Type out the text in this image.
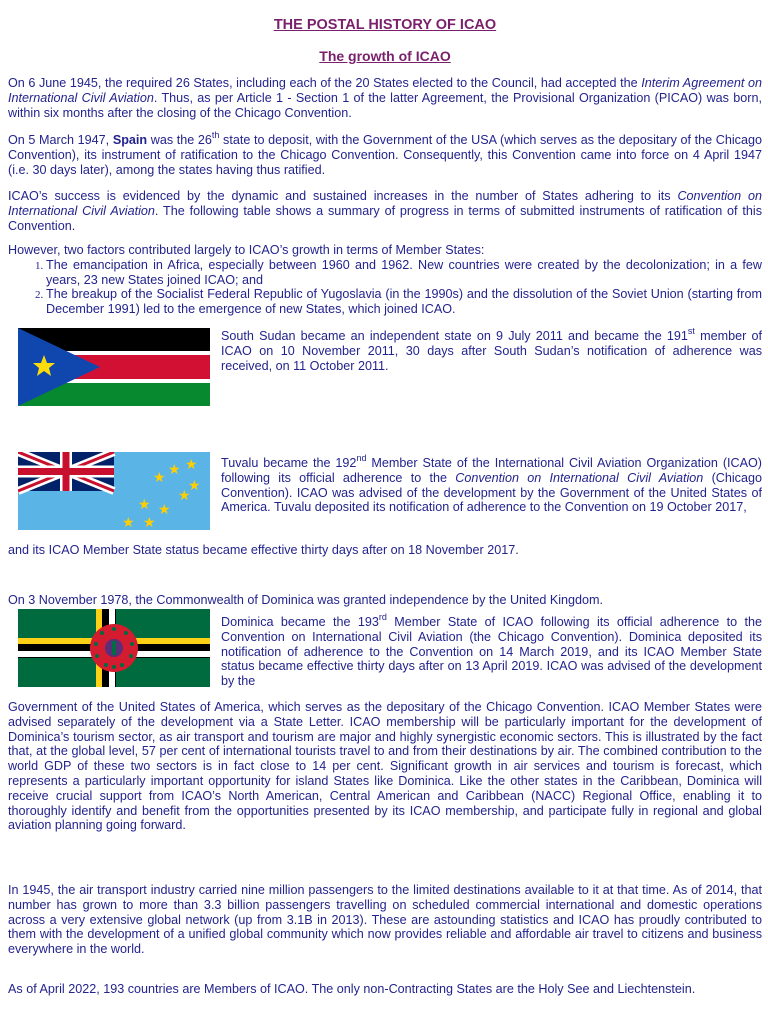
THE POSTAL HISTORY OF ICAO
The growth of ICAO

On 6 June 1945, the required 26 States, including each of the 20 States elected to the Council, had accepted the Interim Agreement on International Civil Aviation. Thus, as per Article 1 - Section 1 of the latter Agreement, the Provisional Organization (PICAO) was born, within six months after the closing of the Chicago Convention.

On 5 March 1947, Spain was the 26th state to deposit, with the Government of the USA (which serves as the depositary of the Chicago Convention), its instrument of ratification to the Chicago Convention. Consequently, this Convention came into force on 4 April 1947 (i.e. 30 days later), among the states having thus ratified.

ICAO’s success is evidenced by the dynamic and sustained increases in the number of States adhering to its Convention on International Civil Aviation. The following table shows a summary of progress in terms of submitted instruments of ratification of this Convention.

However, two factors contributed largely to ICAO’s growth in terms of Member States:

1. The emancipation in Africa, especially between 1960 and 1962. New countries were created by the decolonization; in a few years, 23 new States joined ICAO; and
2. The breakup of the Socialist Federal Republic of Yugoslavia (in the 1990s) and the dissolution of the Soviet Union (starting from December 1991) led to the emergence of new States, which joined ICAO.

South Sudan became an independent state on 9 July 2011 and became the 191st member of ICAO on 10 November 2011, 30 days after South Sudan’s notification of adherence was received, on 11 October 2011.

★ ★
★
★
★ ★
★
★
★

Tuvalu became the 192nd Member State of the International Civil Aviation Organization (ICAO) following its official adherence to the Convention on International Civil Aviation (Chicago Convention). ICAO was advised of the development by the Government of the United States of America. Tuvalu deposited its notification of adherence to the Convention on 19 October 2017,

and its ICAO Member State status became effective thirty days after on 18 November 2017.

On 3 November 1978, the Commonwealth of Dominica was granted independence by the United Kingdom.

Dominica became the 193rd Member State of ICAO following its official adherence to the Convention on International Civil Aviation (the Chicago Convention). Dominica deposited its notification of adherence to the Convention on 14 March 2019, and its ICAO Member State status became effective thirty days after on 13 April 2019. ICAO was advised of the development by the

Government of the United States of America, which serves as the depositary of the Chicago Convention. ICAO Member States were advised separately of the development via a State Letter. ICAO membership will be particularly important for the development of Dominica’s tourism sector, as air transport and tourism are major and highly synergistic economic sectors. This is illustrated by the fact that, at the global level, 57 per cent of international tourists travel to and from their destinations by air. The combined contribution to the world GDP of these two sectors is in fact close to 14 per cent. Significant growth in air services and tourism is forecast, which represents a particularly important opportunity for island States like Dominica. Like the other states in the Caribbean, Dominica will receive crucial support from ICAO’s North American, Central American and Caribbean (NACC) Regional Office, enabling it to thoroughly identify and benefit from the opportunities presented by its ICAO membership, and participate fully in regional and global aviation planning going forward.

In 1945, the air transport industry carried nine million passengers to the limited destinations available to it at that time. As of 2014, that number has grown to more than 3.3 billion passengers travelling on scheduled commercial international and domestic operations across a very extensive global network (up from 3.1B in 2013). These are astounding statistics and ICAO has proudly contributed to them with the development of a unified global community which now provides reliable and affordable air travel to citizens and business everywhere in the world.

As of April 2022, 193 countries are Members of ICAO. The only non-Contracting States are the Holy See and Liechtenstein.
